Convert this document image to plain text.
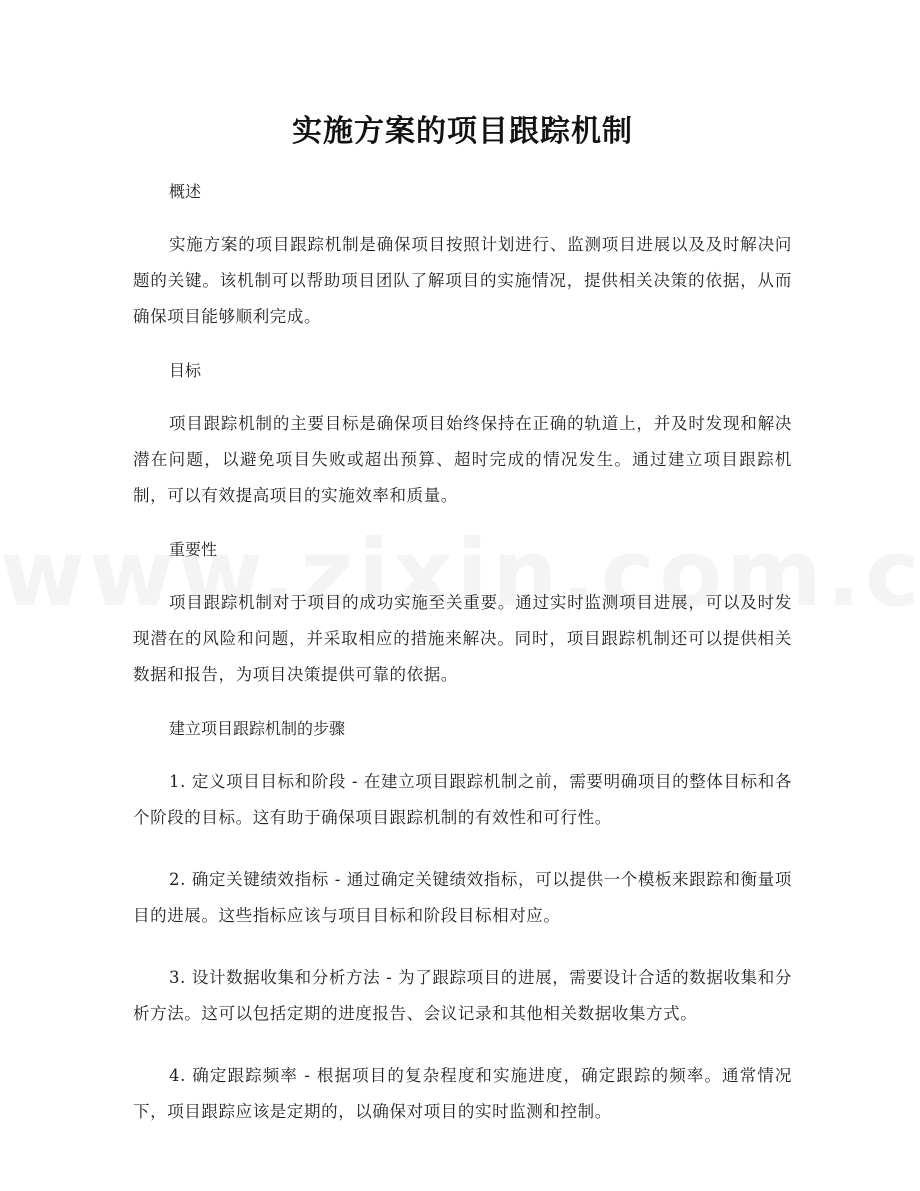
实施方案的项目跟踪机制

概述

实施方案的项目跟踪机制是确保项目按照计划进行、监测项目进展以及及时解决问题的关键。该机制可以帮助项目团队了解项目的实施情况，提供相关决策的依据，从而确保项目能够顺利完成。

目标

项目跟踪机制的主要目标是确保项目始终保持在正确的轨道上，并及时发现和解决潜在问题，以避免项目失败或超出预算、超时完成的情况发生。通过建立项目跟踪机制，可以有效提高项目的实施效率和质量。

重要性

项目跟踪机制对于项目的成功实施至关重要。通过实时监测项目进展，可以及时发现潜在的风险和问题，并采取相应的措施来解决。同时，项目跟踪机制还可以提供相关数据和报告，为项目决策提供可靠的依据。

建立项目跟踪机制的步骤

1. 定义项目目标和阶段 - 在建立项目跟踪机制之前，需要明确项目的整体目标和各个阶段的目标。这有助于确保项目跟踪机制的有效性和可行性。

2. 确定关键绩效指标 - 通过确定关键绩效指标，可以提供一个模板来跟踪和衡量项目的进展。这些指标应该与项目目标和阶段目标相对应。

3. 设计数据收集和分析方法 - 为了跟踪项目的进展，需要设计合适的数据收集和分析方法。这可以包括定期的进度报告、会议记录和其他相关数据收集方式。

4. 确定跟踪频率 - 根据项目的复杂程度和实施进度，确定跟踪的频率。通常情况下，项目跟踪应该是定期的，以确保对项目的实时监测和控制。
